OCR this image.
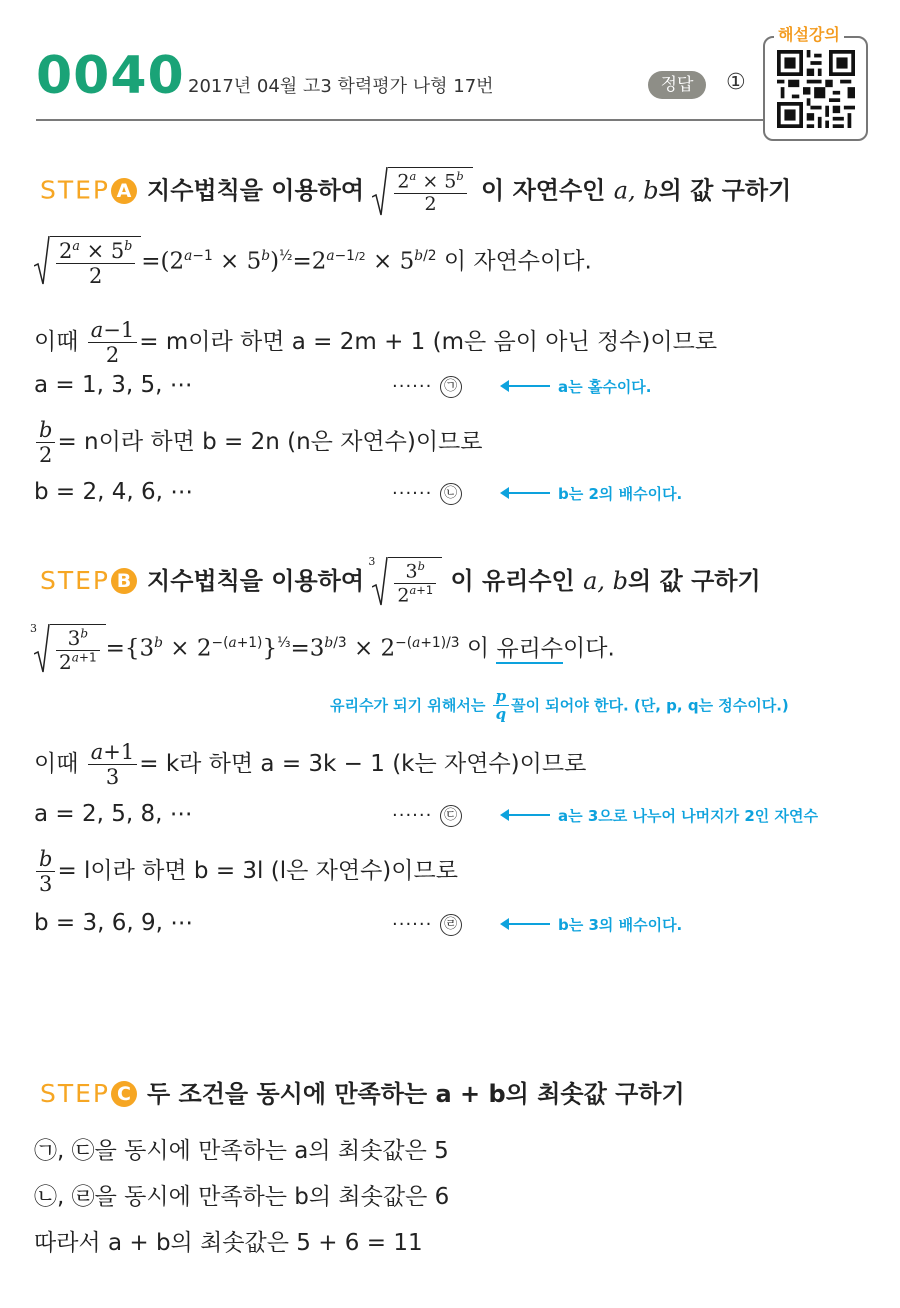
0040 2017년 04월 고3 학력평가 나형 17번	정답	①
해설강의
STEP A 지수법칙을 이용하여 $\frac{2^a \times 5^b}{2}$ 이 자연수인 a, b의 값 구하기
$\frac{2^a \times 5^b}{2} =(2^{a-1} \times 5^b)^{\frac{1}{2}}=2^{a-1/2} \times 5^{b/2}$ 이 자연수이다.
이때 $\frac{a-1}{2} = m$이라 하면 a = 2m + 1 (m은 음이 아닌 정수)이므로
a = 1, 3, 5, ⋯	······ ㉠	a는 홀수이다.
$\frac{b}{2} = n$이라 하면 b = 2n (n은 자연수)이므로
b = 2, 4, 6, ⋯	······ ㉡	b는 2의 배수이다.
STEP B 지수법칙을 이용하여
$3 \frac{3^b}{2^{a+1}}$ 이 유리수인 a, b의 값 구하기
$3 \frac{3^b}{2^{a+1}} =\{3^b \times 2^{-(a+1)}\}^{\frac{1}{3}}=3^{b/3} \times 2^{-(a+1)/3}$ 이 유리수이다.
유리수가 되기 위해서는 $\frac{p}{q}$ 꼴이 되어야 한다. (단, p, q는 정수이다.)
이때 $\frac{a+1}{3} = k$라 하면 a = 3k − 1 (k는 자연수)이므로
a = 2, 5, 8, ⋯	······ ㉢	a는 3으로 나누어 나머지가 2인 자연수
$\frac{b}{3} = l$이라 하면 b = 3l (l은 자연수)이므로
b = 3, 6, 9, ⋯	······ ㉣	b는 3의 배수이다.
STEP C 두 조건을 동시에 만족하는 a + b의 최솟값 구하기
㉠, ㉢을 동시에 만족하는 a의 최솟값은 5
㉡, ㉣을 동시에 만족하는 b의 최솟값은 6
따라서 a + b의 최솟값은 5 + 6 = 11
